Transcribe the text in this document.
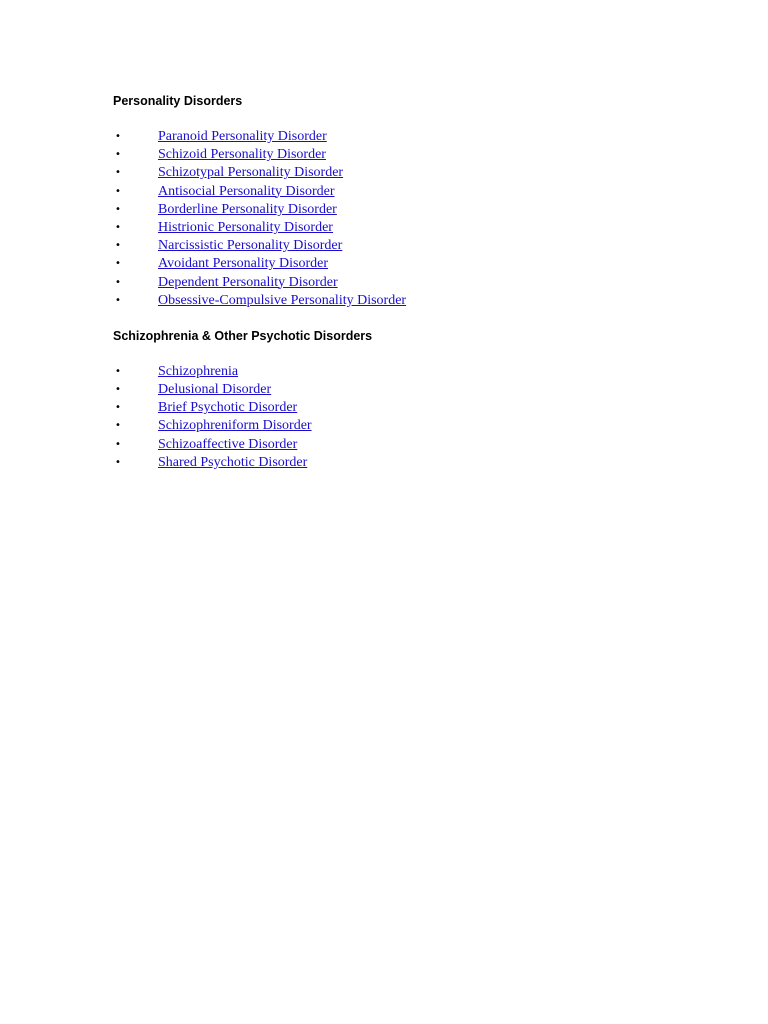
Personality Disorders
•	Paranoid Personality Disorder
•	Schizoid Personality Disorder
•	Schizotypal Personality Disorder
•	Antisocial Personality Disorder
•	Borderline Personality Disorder
•	Histrionic Personality Disorder
•	Narcissistic Personality Disorder
•	Avoidant Personality Disorder
•	Dependent Personality Disorder
•	Obsessive-Compulsive Personality Disorder
Schizophrenia & Other Psychotic Disorders
•	Schizophrenia
•	Delusional Disorder
•	Brief Psychotic Disorder
•	Schizophreniform Disorder
•	Schizoaffective Disorder
•	Shared Psychotic Disorder
